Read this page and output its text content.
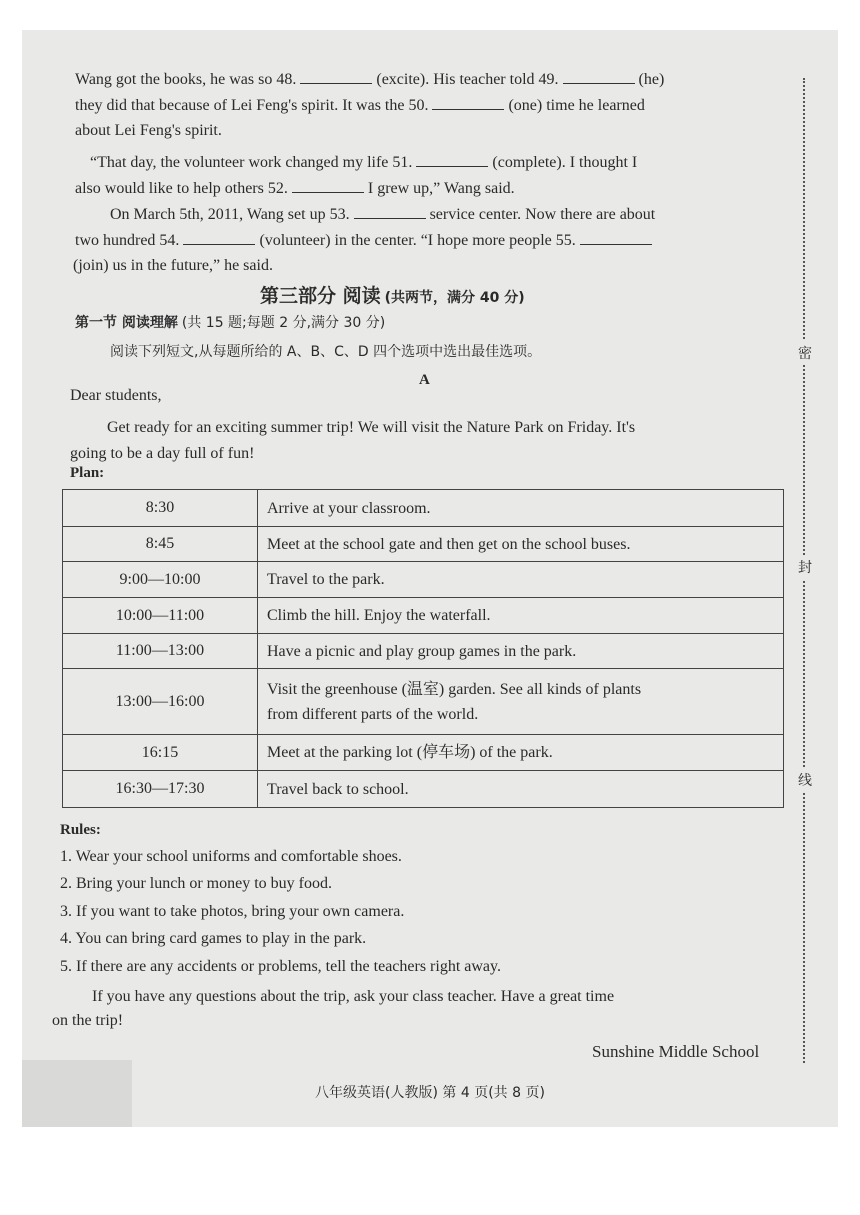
Wang got the books, he was so 48.	(excite). His teacher told 49.	(he)
they did that because of Lei Feng's spirit. It was the 50.	(one) time he learned
about Lei Feng's spirit.
“That day, the volunteer work changed my life 51.	(complete). I thought I
also would like to help others 52.	I grew up,” Wang said.
On March 5th, 2011, Wang set up 53.	service center. Now there are about
two hundred 54.	(volunteer) in the center. “I hope more people 55.
(join) us in the future,” he said.
第三部分 阅读 (共两节，满分 40 分)
第一节 阅读理解 (共 15 题;每题 2 分,满分 30 分)
阅读下列短文,从每题所给的 A、B、C、D 四个选项中选出最佳选项。
A
Dear students,
Get ready for an exciting summer trip! We will visit the Nature Park on Friday. It's
going to be a day full of fun!
Plan:
8:30	Arrive at your classroom.
8:45	Meet at the school gate and then get on the school buses.
9:00—10:00	Travel to the park.
10:00—11:00	Climb the hill. Enjoy the waterfall.
11:00—13:00	Have a picnic and play group games in the park.
13:00—16:00	Visit the greenhouse (温室) garden. See all kinds of plants
from different parts of the world.

16:15	Meet at the parking lot (停车场) of the park.
16:30—17:30	Travel back to school.
Rules:
1. Wear your school uniforms and comfortable shoes.
2. Bring your lunch or money to buy food.
3. If you want to take photos, bring your own camera.
4. You can bring card games to play in the park.
5. If there are any accidents or problems, tell the teachers right away.
If you have any questions about the trip, ask your class teacher. Have a great time
on the trip!
Sunshine Middle School
密
封
线
八年级英语(人教版) 第 4 页(共 8 页)
